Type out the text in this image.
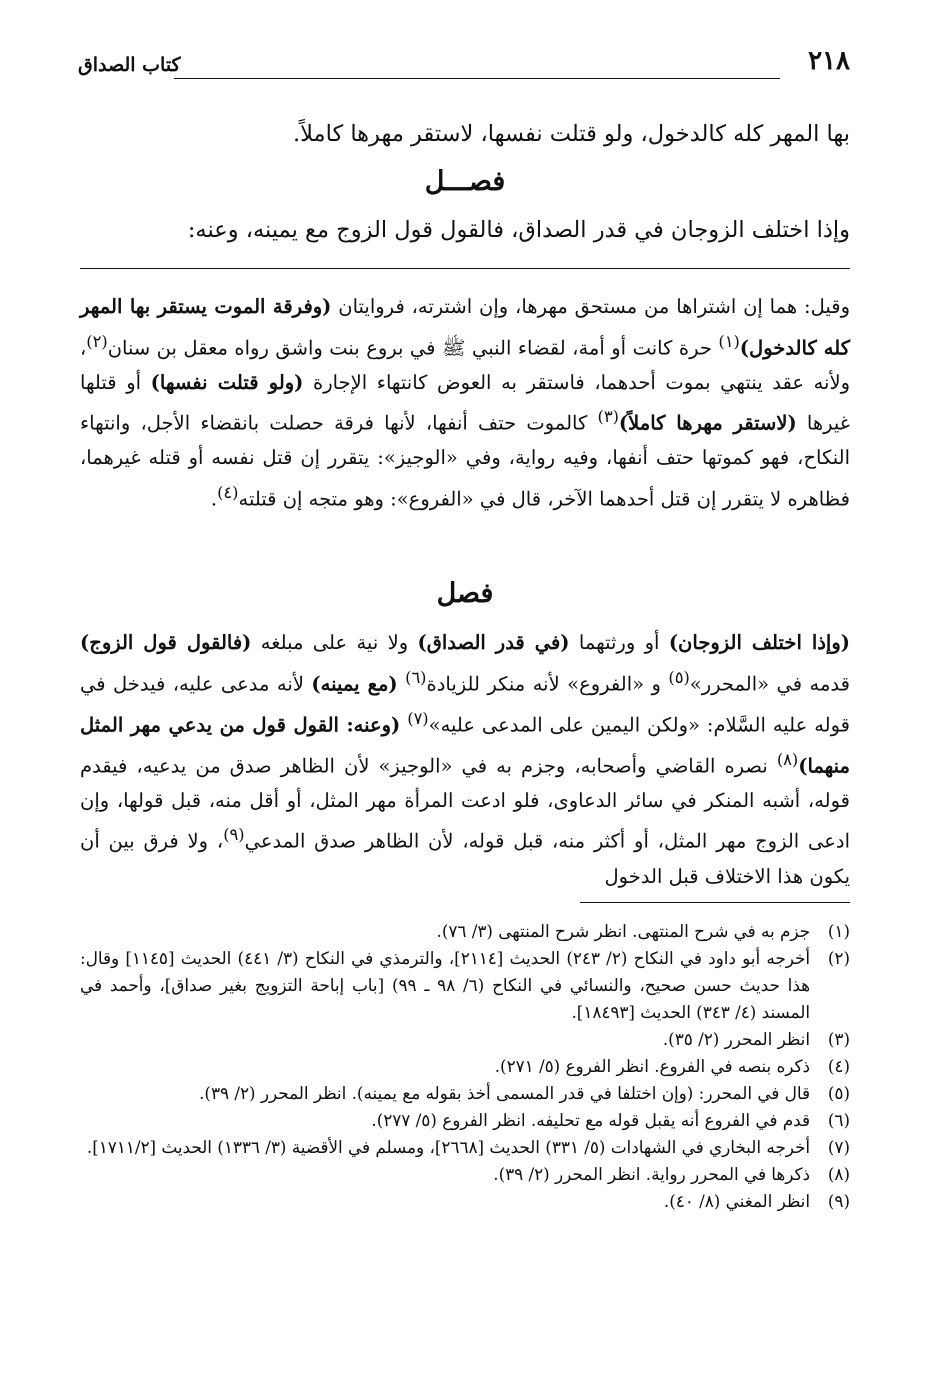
٢١٨
كتاب الصداق
بها المهر كله كالدخول، ولو قتلت نفسها، لاستقر مهرها كاملاً.
فصـــل
وإذا اختلف الزوجان في قدر الصداق، فالقول قول الزوج مع يمينه، وعنه:
وقيل: هما إن اشتراها من مستحق مهرها، وإن اشترته، فروايتان (وفرقة الموت يستقر بها المهر كله كالدخول)$^{(١)}$ حرة كانت أو أمة، لقضاء النبي ﷺ في بروع بنت واشق رواه معقل بن سنان$^{(٢)}$، ولأنه عقد ينتهي بموت أحدهما، فاستقر به العوض كانتهاء الإجارة (ولو قتلت نفسها) أو قتلها غيرها (لاستقر مهرها كاملاً)$^{(٣)}$ كالموت حتف أنفها، لأنها فرقة حصلت بانقضاء الأجل، وانتهاء النكاح، فهو كموتها حتف أنفها، وفيه رواية، وفي «الوجيز»: يتقرر إن قتل نفسه أو قتله غيرهما، فظاهره لا يتقرر إن قتل أحدهما الآخر، قال في «الفروع»: وهو متجه إن قتلته$^{(٤)}$.
فصل
(وإذا اختلف الزوجان) أو ورثتهما (في قدر الصداق) ولا نية على مبلغه (فالقول قول الزوج) قدمه في «المحرر»$^{(٥)}$ و «الفروع» لأنه منكر للزيادة$^{(٦)}$ (مع يمينه) لأنه مدعى عليه، فيدخل في قوله عليه السَّلام: «ولكن اليمين على المدعى عليه»$^{(٧)}$ (وعنه: القول قول من يدعي مهر المثل منهما)$^{(٨)}$ نصره القاضي وأصحابه، وجزم به في «الوجيز» لأن الظاهر صدق من يدعيه، فيقدم قوله، أشبه المنكر في سائر الدعاوى، فلو ادعت المرأة مهر المثل، أو أقل منه، قبل قولها، وإن ادعى الزوج مهر المثل، أو أكثر منه، قبل قوله، لأن الظاهر صدق المدعي$^{(٩)}$، ولا فرق بين أن يكون هذا الاختلاف قبل الدخول
(١)
جزم به في شرح المنتهى. انظر شرح المنتهى (٣/ ٧٦).
(٢)
أخرجه أبو داود في النكاح (٢/ ٢٤٣) الحديث [٢١١٤]، والترمذي في النكاح (٣/ ٤٤١) الحديث [١١٤٥] وقال: هذا حديث حسن صحيح، والنسائي في النكاح (٦/ ٩٨ ـ ٩٩) [باب إباحة التزويج بغير صداق]، وأحمد في المسند (٤/ ٣٤٣) الحديث [١٨٤٩٣].
(٣)
انظر المحرر (٢/ ٣٥).
(٤)
ذكره بنصه في الفروع. انظر الفروع (٥/ ٢٧١).
(٥)
قال في المحرر: (وإن اختلفا في قدر المسمى أخذ بقوله مع يمينه). انظر المحرر (٢/ ٣٩).
(٦)
قدم في الفروع أنه يقبل قوله مع تحليفه. انظر الفروع (٥/ ٢٧٧).
(٧)
أخرجه البخاري في الشهادات (٥/ ٣٣١) الحديث [٢٦٦٨]، ومسلم في الأقضية (٣/ ١٣٣٦) الحديث [١٧١١/٢].
(٨)
ذكرها في المحرر رواية. انظر المحرر (٢/ ٣٩).
(٩)
انظر المغني (٨/ ٤٠).
